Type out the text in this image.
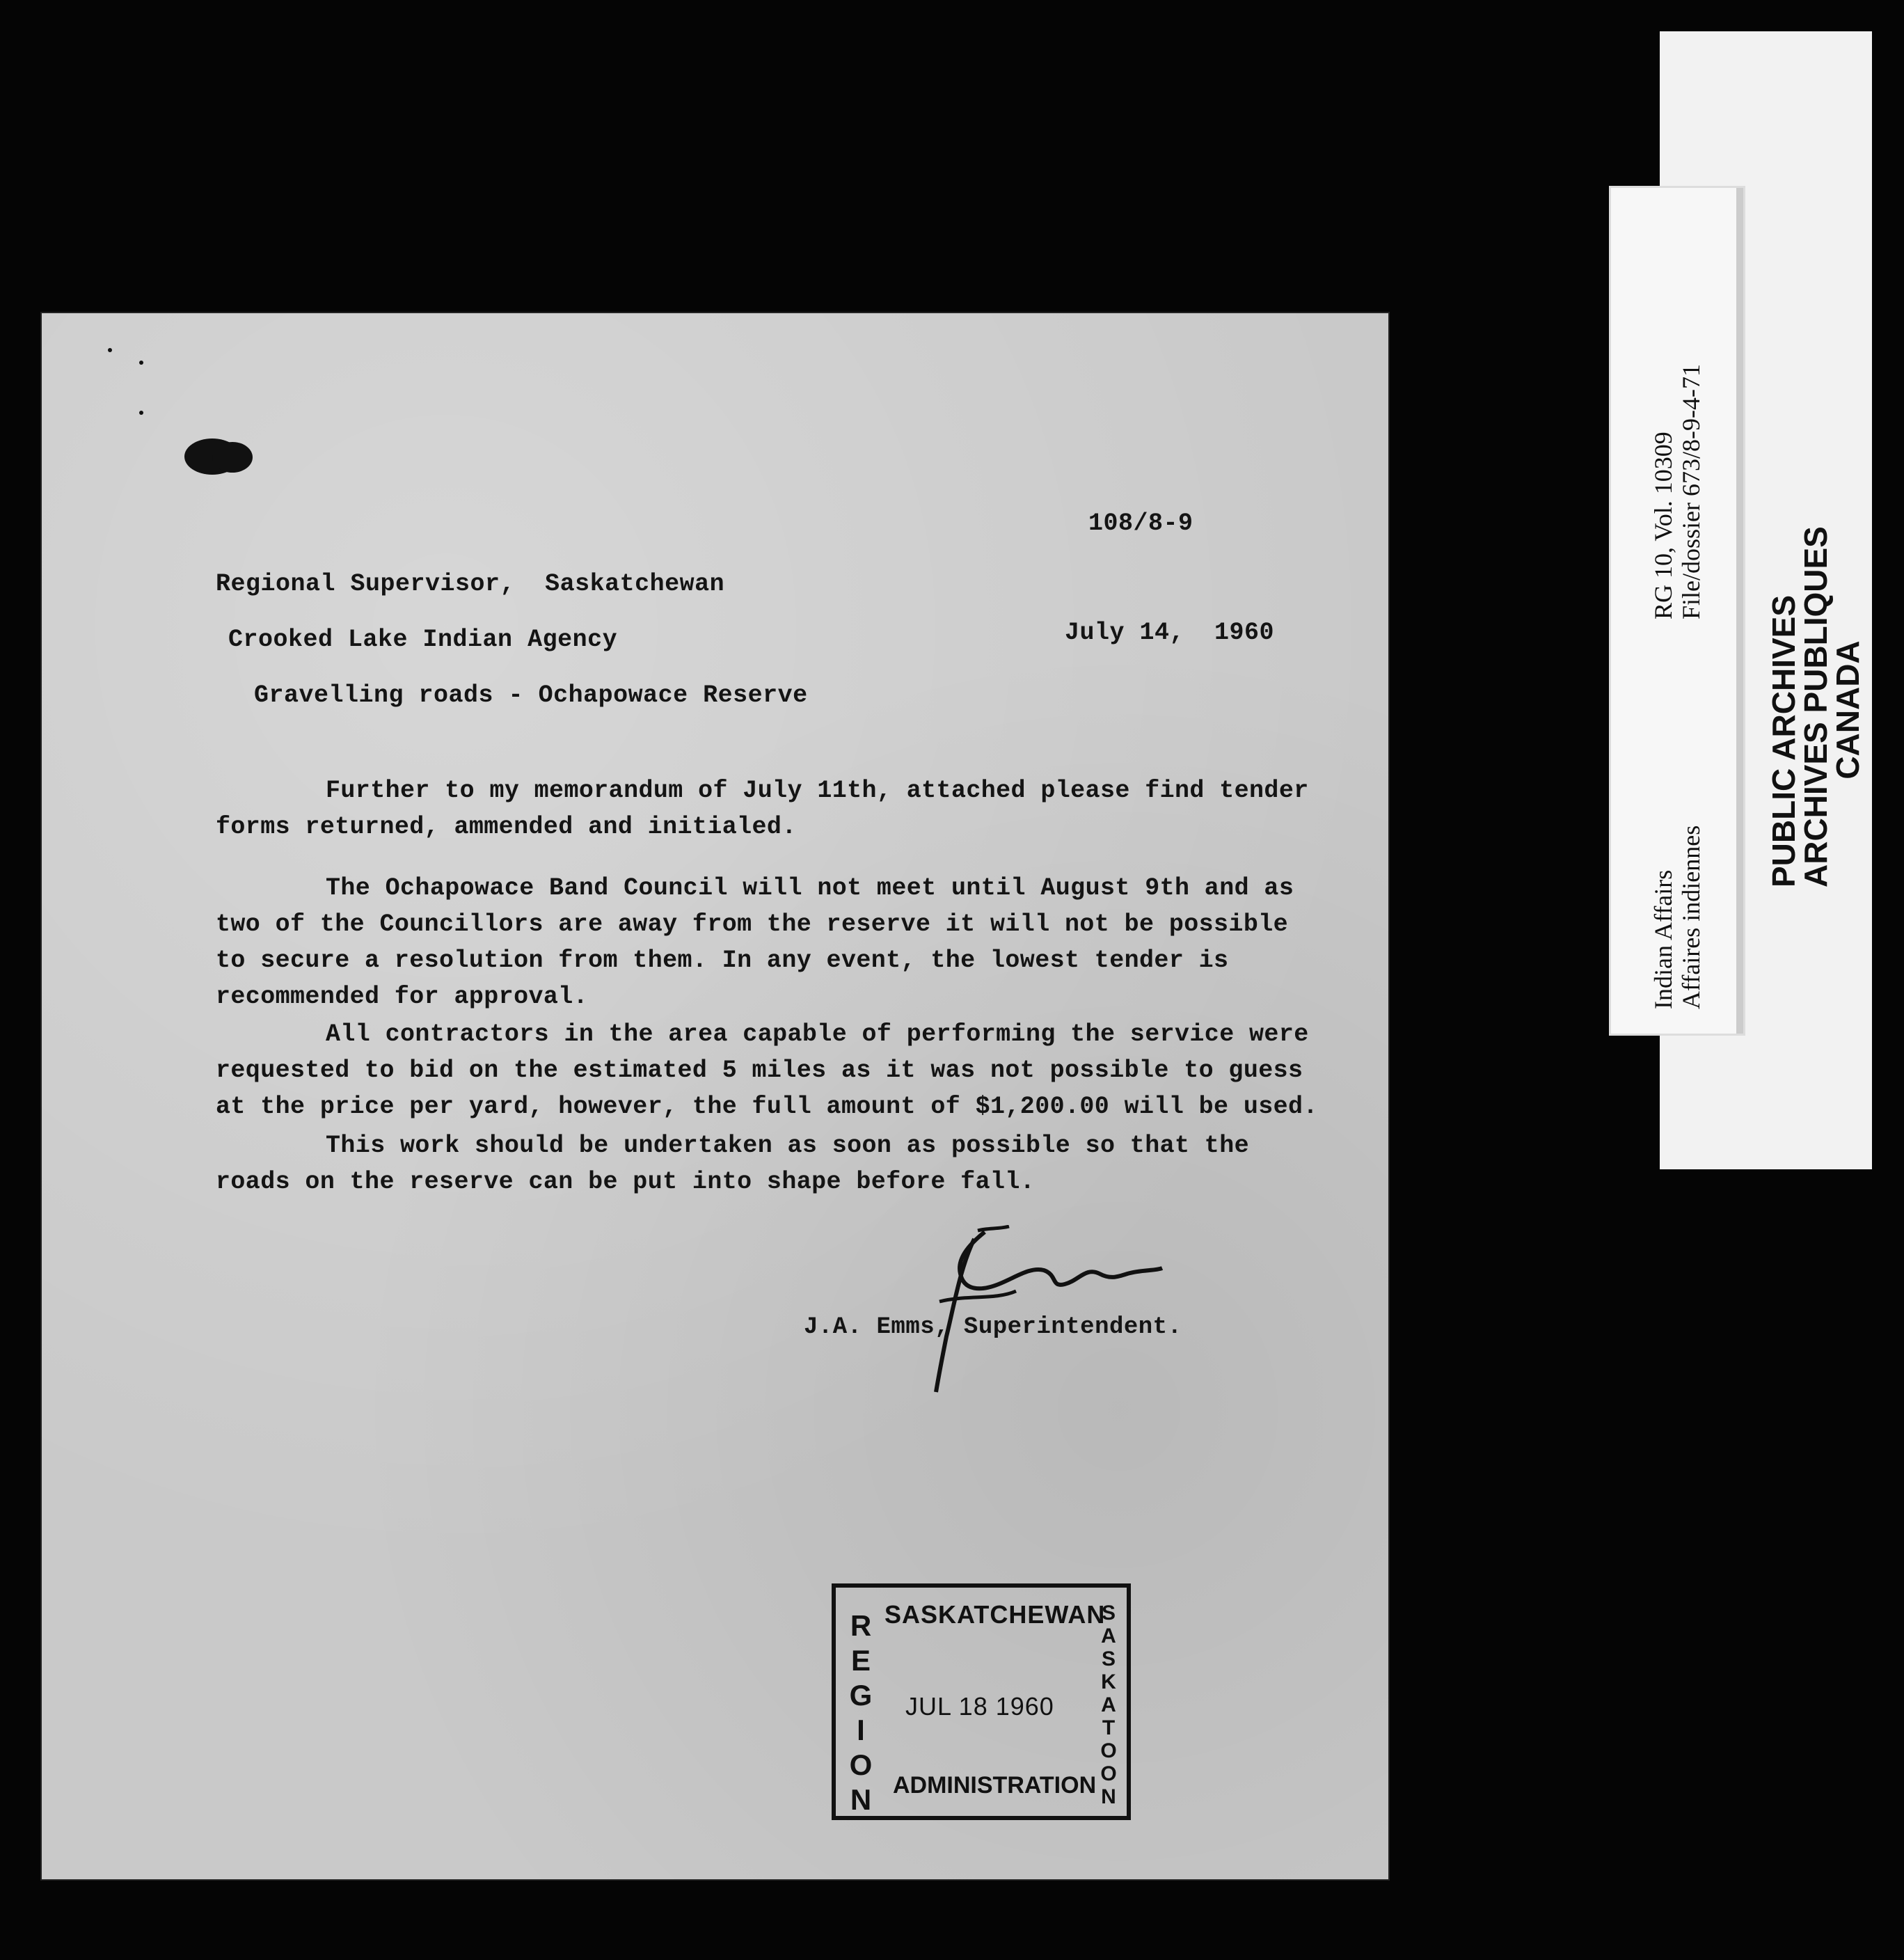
PUBLIC ARCHIVES
ARCHIVES PUBLIQUES
CANADA
Indian Affairs Affaires indiennes
RG 10, Vol. 10309 File/dossier 673/8-9-4-71
108/8-9
Regional Supervisor,  Saskatchewan
Crooked Lake Indian Agency	July 14,  1960
Gravelling roads - Ochapowace Reserve

Further to my memorandum of July 11th, attached please find tender forms returned, ammended and initialed.

The Ochapowace Band Council will not meet until August 9th and as two of the Councillors are away from the reserve it will not be possible to secure a resolution from them. In any event, the lowest tender is recommended for approval.

All contractors in the area capable of performing the service were requested to bid on the estimated 5 miles as it was not possible to guess at the price per yard, however, the full amount of $1,200.00 will be used.

This work should be undertaken as soon as possible so that the roads on the reserve can be put into shape before fall.

J.A. Emms, Superintendent.
REGION
SASKATCHEWAN
JUL 18 1960
ADMINISTRATION
SASKATOON
